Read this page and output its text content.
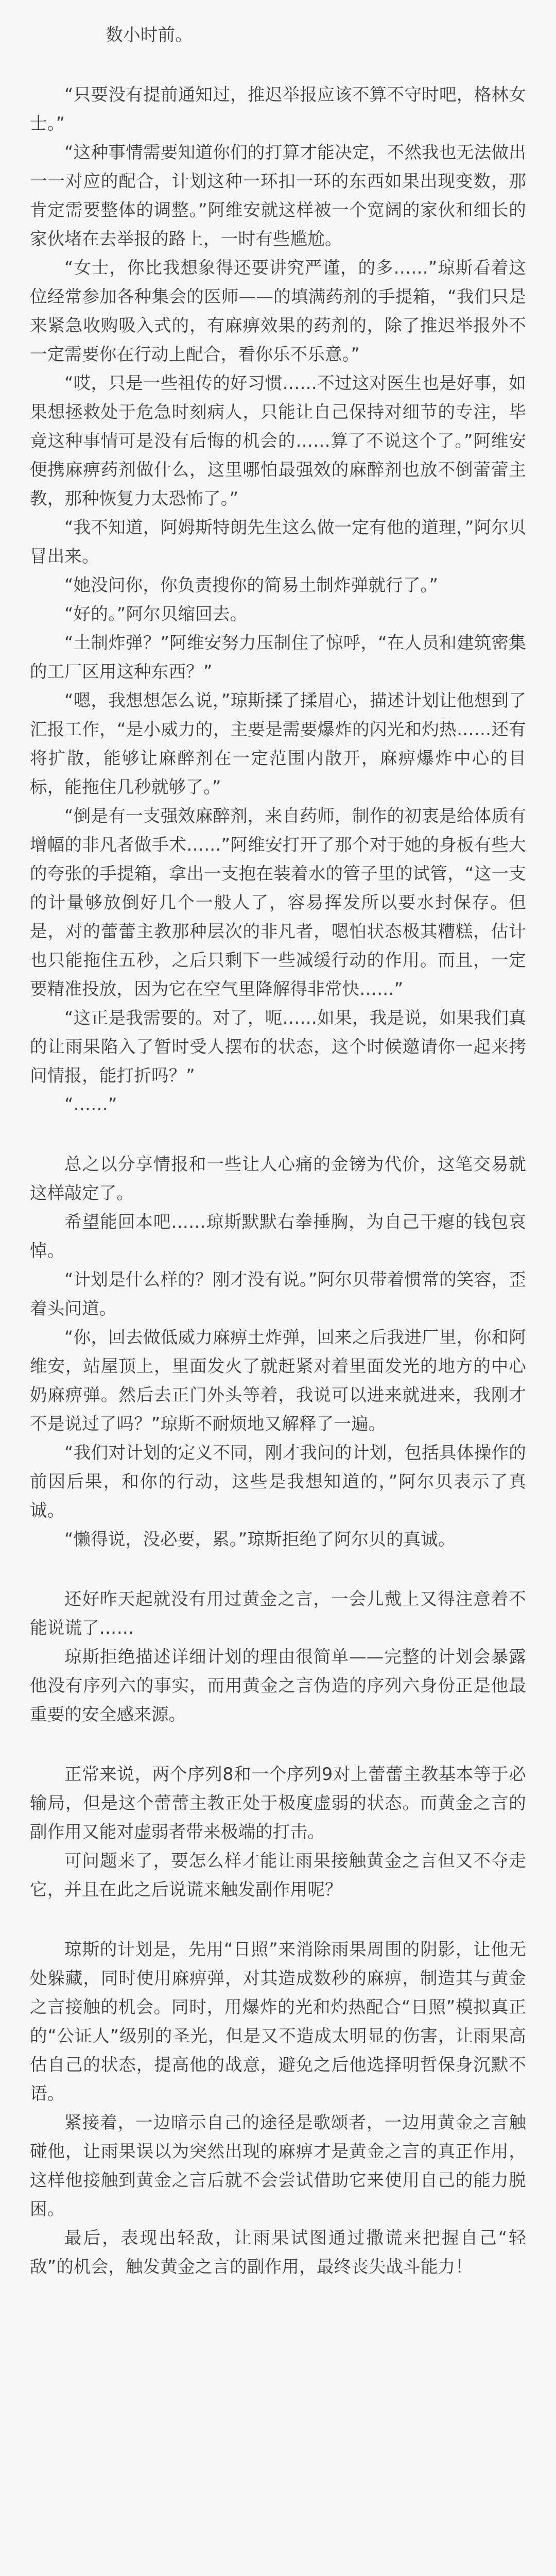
数小时前。

“只要没有提前通知过，推迟举报应该不算不守时吧，格林女士。”

“这种事情需要知道你们的打算才能决定，不然我也无法做出一一对应的配合，计划这种一环扣一环的东西如果出现变数，那肯定需要整体的调整。”阿维安就这样被一个宽阔的家伙和细长的家伙堵在去举报的路上，一时有些尴尬。

“女士，你比我想象得还要讲究严谨，的多……”琼斯看着这位经常参加各种集会的医师——的填满药剂的手提箱，“我们只是来紧急收购吸入式的，有麻痹效果的药剂的，除了推迟举报外不一定需要你在行动上配合，看你乐不乐意。”

“哎，只是一些祖传的好习惯……不过这对医生也是好事，如果想拯救处于危急时刻病人，只能让自己保持对细节的专注，毕竟这种事情可是没有后悔的机会的……算了不说这个了。”阿维安便携麻痹药剂做什么，这里哪怕最强效的麻醉剂也放不倒蕾蕾主教，那种恢复力太恐怖了。”

“我不知道，阿姆斯特朗先生这么做一定有他的道理，”阿尔贝冒出来。

“她没问你，你负责搜你的简易土制炸弹就行了。”

“好的。”阿尔贝缩回去。

“土制炸弹？”阿维安努力压制住了惊呼，“在人员和建筑密集的工厂区用这种东西？”

“嗯，我想想怎么说，”琼斯揉了揉眉心，描述计划让他想到了汇报工作，“是小威力的，主要是需要爆炸的闪光和灼热……还有将扩散，能够让麻醉剂在一定范围内散开，麻痹爆炸中心的目标，能拖住几秒就够了。”

“倒是有一支强效麻醉剂，来自药师，制作的初衷是给体质有增幅的非凡者做手术……”阿维安打开了那个对于她的身板有些大的夸张的手提箱，拿出一支抱在装着水的管子里的试管，“这一支的计量够放倒好几个一般人了，容易挥发所以要水封保存。但是，对的蕾蕾主教那种层次的非凡者，嗯怕状态极其糟糕，估计也只能拖住五秒，之后只剩下一些减缓行动的作用。而且，一定要精准投放，因为它在空气里降解得非常快……”

“这正是我需要的。对了，呃……如果，我是说，如果我们真的让雨果陷入了暂时受人摆布的状态，这个时候邀请你一起来拷问情报，能打折吗？”

“……”

总之以分享情报和一些让人心痛的金镑为代价，这笔交易就这样敲定了。

希望能回本吧……琼斯默默右拳捶胸，为自己干瘪的钱包哀悼。

“计划是什么样的？刚才没有说。”阿尔贝带着惯常的笑容，歪着头问道。

“你，回去做低威力麻痹土炸弹，回来之后我进厂里，你和阿维安，站屋顶上，里面发火了就赶紧对着里面发光的地方的中心奶麻痹弹。然后去正门外头等着，我说可以进来就进来，我刚才不是说过了吗？”琼斯不耐烦地又解释了一遍。

“我们对计划的定义不同，刚才我问的计划，包括具体操作的前因后果，和你的行动，这些是我想知道的，”阿尔贝表示了真诚。

“懒得说，没必要，累。”琼斯拒绝了阿尔贝的真诚。

还好昨天起就没有用过黄金之言，一会儿戴上又得注意着不能说谎了……

琼斯拒绝描述详细计划的理由很简单——完整的计划会暴露他没有序列六的事实，而用黄金之言伪造的序列六身份正是他最重要的安全感来源。

正常来说，两个序列8和一个序列9对上蕾蕾主教基本等于必输局，但是这个蕾蕾主教正处于极度虚弱的状态。而黄金之言的副作用又能对虚弱者带来极端的打击。

可问题来了，要怎么样才能让雨果接触黄金之言但又不夺走它，并且在此之后说谎来触发副作用呢？

琼斯的计划是，先用“日照”来消除雨果周围的阴影，让他无处躲藏，同时使用麻痹弹，对其造成数秒的麻痹，制造其与黄金之言接触的机会。同时，用爆炸的光和灼热配合“日照”模拟真正的“公证人”级别的圣光，但是又不造成太明显的伤害，让雨果高估自己的状态，提高他的战意，避免之后他选择明哲保身沉默不语。

紧接着，一边暗示自己的途径是歌颂者，一边用黄金之言触碰他，让雨果误以为突然出现的麻痹才是黄金之言的真正作用，这样他接触到黄金之言后就不会尝试借助它来使用自己的能力脱困。

最后，表现出轻敌，让雨果试图通过撒谎来把握自己“轻敌”的机会，触发黄金之言的副作用，最终丧失战斗能力！
